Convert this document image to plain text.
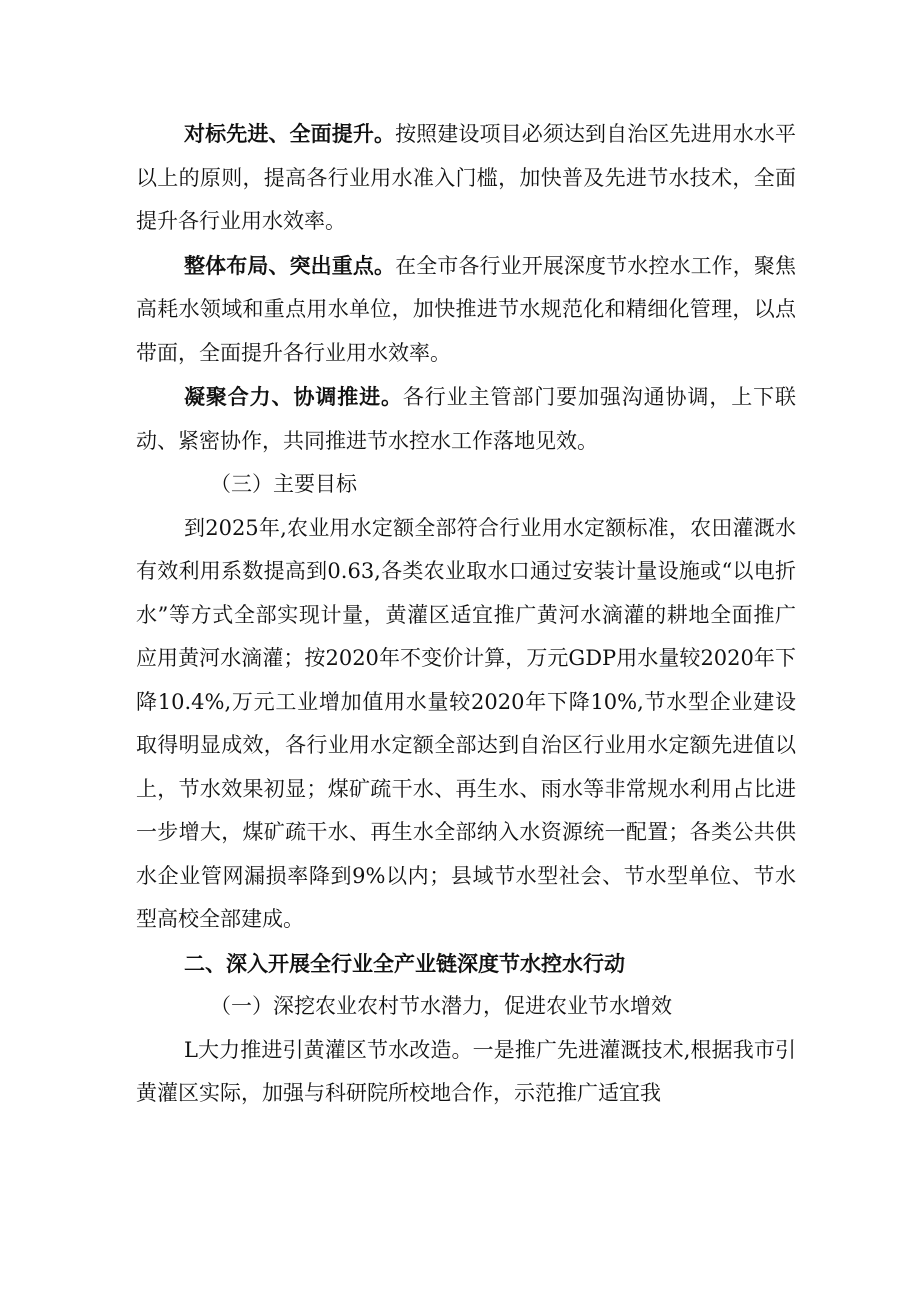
对标先进、全面提升。按照建设项目必须达到自治区先进用水水平以上的原则，提高各行业用水准入门槛，加快普及先进节水技术，全面提升各行业用水效率。

整体布局、突出重点。在全市各行业开展深度节水控水工作，聚焦高耗水领域和重点用水单位，加快推进节水规范化和精细化管理，以点带面，全面提升各行业用水效率。

凝聚合力、协调推进。各行业主管部门要加强沟通协调，上下联动、紧密协作，共同推进节水控水工作落地见效。

（三）主要目标

到2025年,农业用水定额全部符合行业用水定额标准，农田灌溉水有效利用系数提高到0.63,各类农业取水口通过安装计量设施或“以电折水”等方式全部实现计量，黄灌区适宜推广黄河水滴灌的耕地全面推广应用黄河水滴灌；按2020年不变价计算，万元GDP用水量较2020年下降10.4%,万元工业增加值用水量较2020年下降10%,节水型企业建设取得明显成效，各行业用水定额全部达到自治区行业用水定额先进值以上，节水效果初显；煤矿疏干水、再生水、雨水等非常规水利用占比进一步增大，煤矿疏干水、再生水全部纳入水资源统一配置；各类公共供水企业管网漏损率降到9%以内；县域节水型社会、节水型单位、节水型高校全部建成。

二、深入开展全行业全产业链深度节水控水行动

（一）深挖农业农村节水潜力，促进农业节水增效

L大力推进引黄灌区节水改造。一是推广先进灌溉技术,根据我市引黄灌区实际，加强与科研院所校地合作，示范推广适宜我
